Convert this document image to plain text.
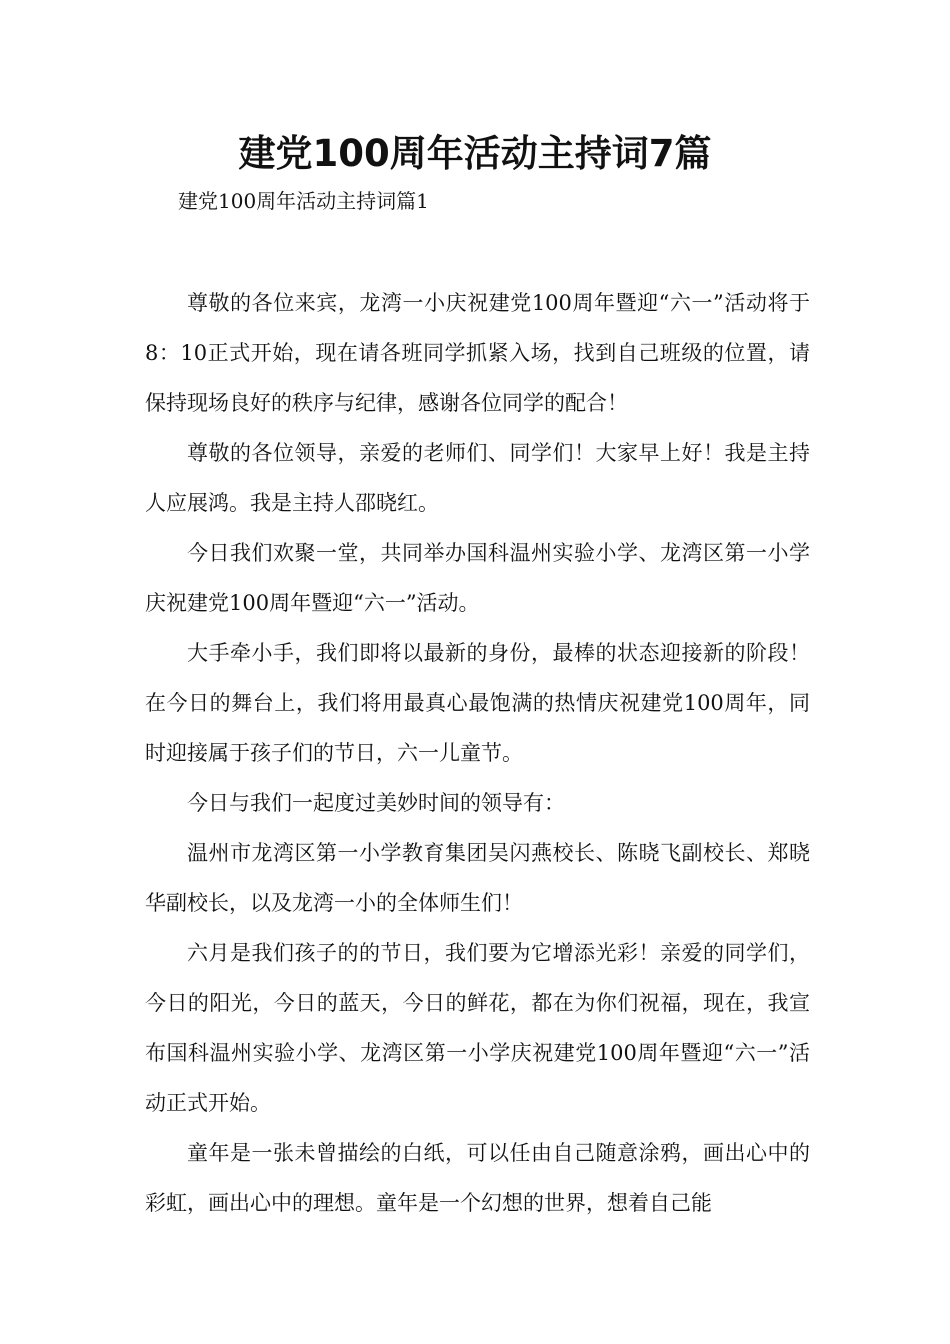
建党100周年活动主持词7篇
建党100周年活动主持词篇1

尊敬的各位来宾，龙湾一小庆祝建党100周年暨迎“六一”活动将于8：10正式开始，现在请各班同学抓紧入场，找到自己班级的位置，请保持现场良好的秩序与纪律，感谢各位同学的配合！

尊敬的各位领导，亲爱的老师们、同学们！大家早上好！我是主持人应展鸿。我是主持人邵晓红。

今日我们欢聚一堂，共同举办国科温州实验小学、龙湾区第一小学庆祝建党100周年暨迎“六一”活动。

大手牵小手，我们即将以最新的身份，最棒的状态迎接新的阶段！在今日的舞台上，我们将用最真心最饱满的热情庆祝建党100周年，同时迎接属于孩子们的节日，六一儿童节。

今日与我们一起度过美妙时间的领导有：

温州市龙湾区第一小学教育集团吴闪燕校长、陈晓飞副校长、郑晓华副校长，以及龙湾一小的全体师生们！

六月是我们孩子的的节日，我们要为它增添光彩！亲爱的同学们，今日的阳光，今日的蓝天，今日的鲜花，都在为你们祝福，现在，我宣布国科温州实验小学、龙湾区第一小学庆祝建党100周年暨迎“六一”活动正式开始。

童年是一张未曾描绘的白纸，可以任由自己随意涂鸦，画出心中的彩虹，画出心中的理想。童年是一个幻想的世界，想着自己能
